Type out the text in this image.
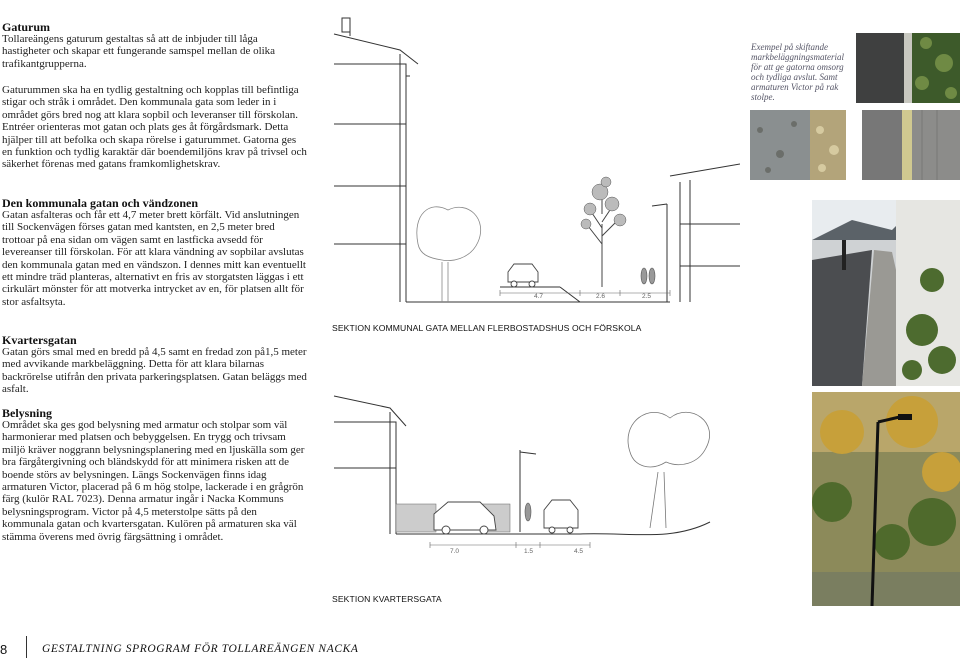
Gaturum
Tollareängens gaturum gestaltas så att de inbjuder till låga hastigheter och skapar ett fungerande samspel mellan de olika trafikantgrupperna.
Gaturummen ska ha en tydlig gestaltning och kopplas till befintliga stigar och stråk i området. Den kommunala gata som leder in i området görs bred nog att klara sopbil och leveranser till förskolan. Entréer orienteras mot gatan och plats ges åt förgårdsmark. Detta hjälper till att befolka och skapa rörelse i gaturummet. Gatorna ges en funktion och tydlig karaktär där boendemiljöns krav på trivsel och säkerhet förenas med gatans framkomlighetskrav.
Den kommunala gatan och vändzonen
Gatan asfalteras och får ett 4,7 meter brett körfält. Vid anslutningen till Sockenvägen förses gatan med kantsten, en 2,5 meter bred trottoar på ena sidan om vägen samt en lastficka avsedd för levereanser till förskolan. För att klara vändning av sopbilar avslutas den kommunala gatan med en vändszon. I dennes mitt kan eventuellt ett mindre träd planteras, alternativt en fris av storgatsten läggas i ett cirkulärt mönster för att motverka intrycket av en, för platsen allt för stor asfaltsyta.
Kvartersgatan
Gatan görs smal med en bredd på 4,5 samt en fredad zon på1,5 meter med avvikande markbeläggning. Detta för att klara bilarnas backrörelse utifrån den privata parkeringsplatsen. Gatan beläggs med asfalt.
Belysning
Området ska ges god belysning med armatur och stolpar som väl harmonierar med platsen och bebyggelsen. En trygg och trivsam miljö kräver noggrann belysningsplanering med en ljuskälla som ger bra färgåtergivning och bländskydd för att minimera risken att de boende störs av belysningen. Längs Sockenvägen finns idag armaturen Victor, placerad på 6 m hög stolpe, lackerade i en grågrön färg (kulör RAL 7023). Denna armatur ingår i Nacka Kommuns belysningsprogram. Victor på 4,5 meterstolpe sätts på den kommunala gatan och kvartersgatan. Kulören på armaturen ska väl stämma överens med övrig färgsättning i området.
4.7	2.6	2.5
SEKTION KOMMUNAL GATA MELLAN FLERBOSTADSHUS OCH FÖRSKOLA
7.0	1.5	4.5
SEKTION KVARTERSGATA
Exempel på skiftande markbeläggningsmaterial för att ge gatorna omsorg och tydliga avslut. Samt armaturen Victor på rak stolpe.
8	GESTALTNING SPROGRAM FÖR TOLLAREÄNGEN NACKA
